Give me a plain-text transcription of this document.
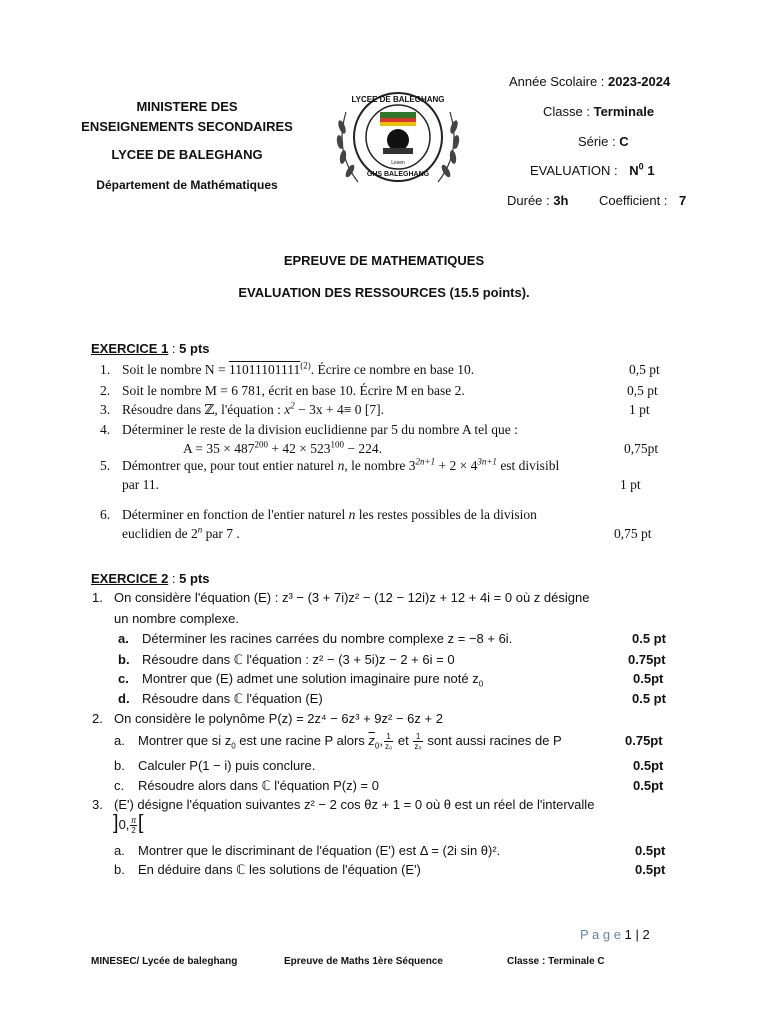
MINISTERE DES
ENSEIGNEMENTS SECONDAIRES
LYCEE DE BALEGHANG
Département de Mathématiques
LYCEE DE BALEGHANG
Lesen
GHS BALEGHANG
Année Scolaire : 2023-2024
Classe : Terminale
Série : C
EVALUATION : $N^0$ 1
Durée : 3h Coefficient : 7
EPREUVE DE MATHEMATIQUES
EVALUATION DES RESSOURCES (15.5 points).
EXERCICE 1 : 5 pts
1. Soit le nombre $N = 11011101111^{(2)}$. Écrire ce nombre en base 10.	0,5 pt
2. Soit le nombre M = 6 781, écrit en base 10. Écrire M en base 2.	0,5 pt
3. Résoudre dans ℤ, l'équation : $x^2 - 3x + 4\equiv 0$ [7].	1 pt
4. Déterminer le reste de la division euclidienne par 5 du nombre A tel que :
$A = 35 \times 487^{200} + 42 \times 523^{100} - 224$.	0,75pt
5. Démontrer que, pour tout entier naturel n, le nombre $3^{2n+1} + 2 \times 4^{3n+1}$ est divisibl
par 11.	1 pt
6. Déterminer en fonction de l'entier naturel n les restes possibles de la division
euclidien de 2$^n$ par 7 .	0,75 pt
EXERCICE 2 : 5 pts
1. On considère l'équation (E) : z³ − (3 + 7i)z² − (12 − 12i)z + 12 + 4i = 0 où z désigne
un nombre complexe.
a. Déterminer les racines carrées du nombre complexe z = −8 + 6i.	0.5 pt
b. Résoudre dans ℂ l'équation : z² − (3 + 5i)z − 2 + 6i = 0	0.75pt
c. Montrer que (E) admet une solution imaginaire pure noté $z_0$	0.5pt
d. Résoudre dans ℂ l'équation (E)	0.5 pt
2. On considère le polynôme P(z) = 2z⁴ − 6z³ + 9z² − 6z + 2
a. Montrer que si $z_0$ est une racine P alors $\overline{z}_0$, $\frac{1}{\text{z₀}}$ et $\frac{1}{\text{z₀}}$ sont aussi racines de P	0.75pt
b. Calculer P(1 − i) puis conclure.	0.5pt
c. Résoudre alors dans ℂ l'équation P(z) = 0	0.5pt
3. (E') désigne l'équation suivantes z² − 2 cos θz + 1 = 0 où θ est un réel de l'intervalle
]0, $\frac{\pi}{2}$ [
a. Montrer que le discriminant de l'équation (E') est Δ = (2i sin θ)².	0.5pt
b. En déduire dans ℂ les solutions de l'équation (E')	0.5pt
P a g e 1 | 2
MINESEC/ Lycée de baleghang	Epreuve de Maths 1ère Séquence	Classe : Terminale C
